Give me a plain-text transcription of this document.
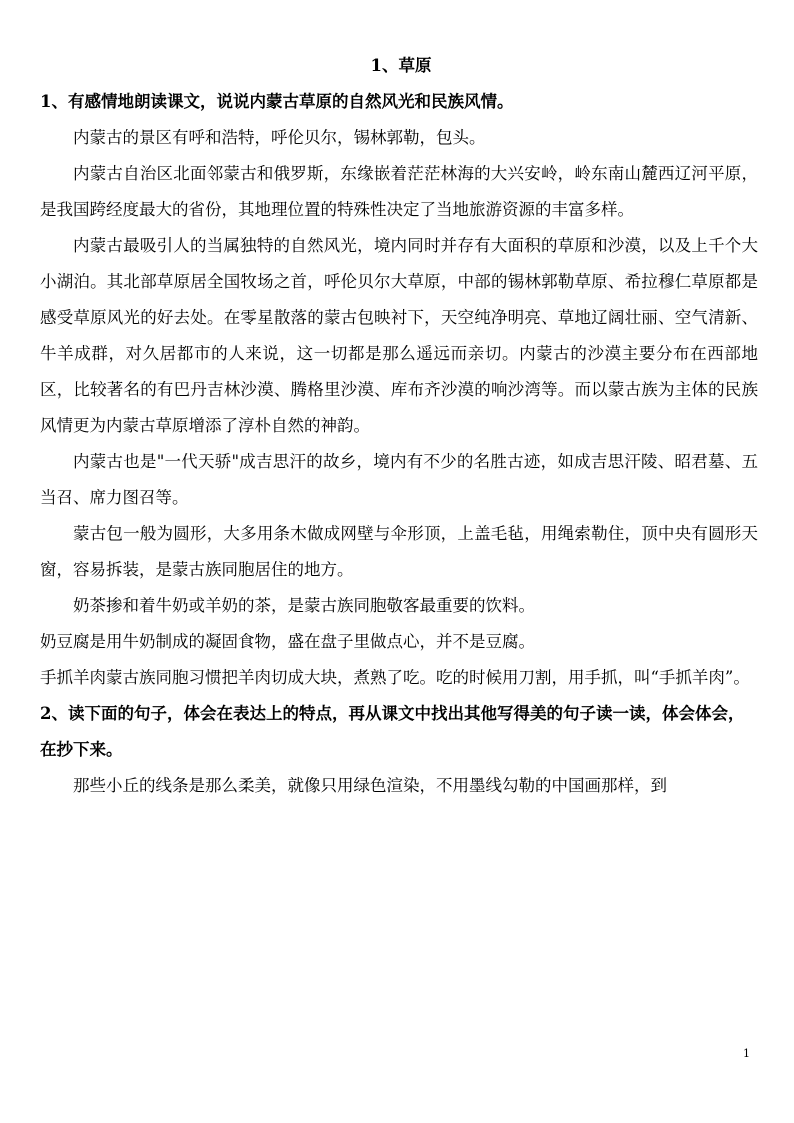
1、草原
1、有感情地朗读课文，说说内蒙古草原的自然风光和民族风情。

内蒙古的景区有呼和浩特，呼伦贝尔，锡林郭勒，包头。

内蒙古自治区北面邻蒙古和俄罗斯，东缘嵌着茫茫林海的大兴安岭，岭东南山麓西辽河平原，是我国跨经度最大的省份，其地理位置的特殊性决定了当地旅游资源的丰富多样。

内蒙古最吸引人的当属独特的自然风光，境内同时并存有大面积的草原和沙漠，以及上千个大小湖泊。其北部草原居全国牧场之首，呼伦贝尔大草原，中部的锡林郭勒草原、希拉穆仁草原都是感受草原风光的好去处。在零星散落的蒙古包映衬下，天空纯净明亮、草地辽阔壮丽、空气清新、牛羊成群，对久居都市的人来说，这一切都是那么遥远而亲切。内蒙古的沙漠主要分布在西部地区，比较著名的有巴丹吉林沙漠、腾格里沙漠、库布齐沙漠的响沙湾等。而以蒙古族为主体的民族风情更为内蒙古草原增添了淳朴自然的神韵。

内蒙古也是"一代天骄"成吉思汗的故乡，境内有不少的名胜古迹，如成吉思汗陵、昭君墓、五当召、席力图召等。

蒙古包一般为圆形，大多用条木做成网壁与伞形顶，上盖毛毡，用绳索勒住，顶中央有圆形天窗，容易拆装，是蒙古族同胞居住的地方。

奶茶掺和着牛奶或羊奶的茶，是蒙古族同胞敬客最重要的饮料。

奶豆腐是用牛奶制成的凝固食物，盛在盘子里做点心，并不是豆腐。

手抓羊肉蒙古族同胞习惯把羊肉切成大块，煮熟了吃。吃的时候用刀割，用手抓，叫“手抓羊肉”。

2、读下面的句子，体会在表达上的特点，再从课文中找出其他写得美的句子读一读，体会体会，在抄下来。

那些小丘的线条是那么柔美，就像只用绿色渲染，不用墨线勾勒的中国画那样，到

1
